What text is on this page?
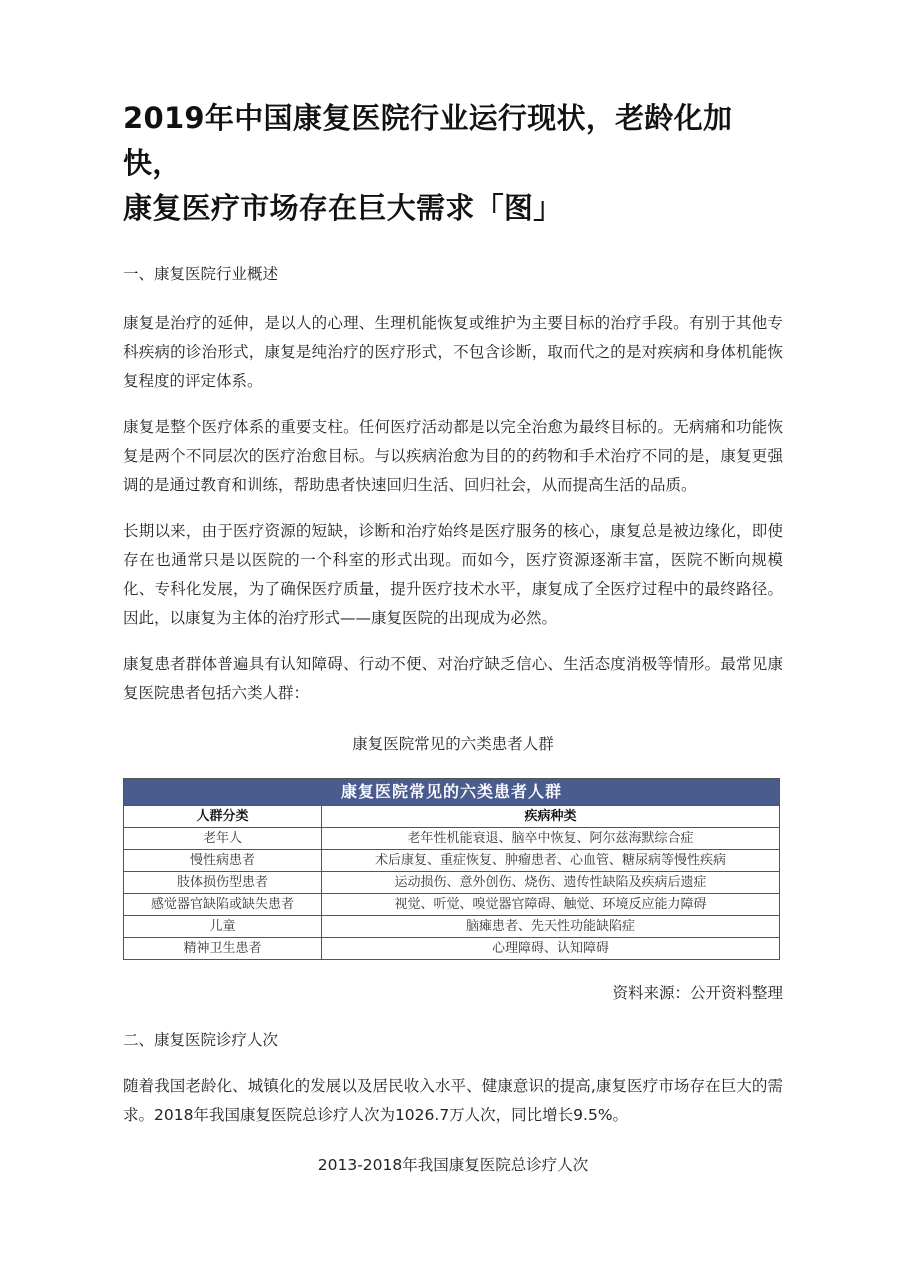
2019年中国康复医院行业运行现状，老龄化加快，
康复医疗市场存在巨大需求「图」

一、康复医院行业概述

康复是治疗的延伸，是以人的心理、生理机能恢复或维护为主要目标的治疗手段。有别于其他专科疾病的诊治形式，康复是纯治疗的医疗形式，不包含诊断，取而代之的是对疾病和身体机能恢复程度的评定体系。

康复是整个医疗体系的重要支柱。任何医疗活动都是以完全治愈为最终目标的。无病痛和功能恢复是两个不同层次的医疗治愈目标。与以疾病治愈为目的的药物和手术治疗不同的是，康复更强调的是通过教育和训练，帮助患者快速回归生活、回归社会，从而提高生活的品质。

长期以来，由于医疗资源的短缺，诊断和治疗始终是医疗服务的核心，康复总是被边缘化，即使存在也通常只是以医院的一个科室的形式出现。而如今，医疗资源逐渐丰富，医院不断向规模化、专科化发展，为了确保医疗质量，提升医疗技术水平，康复成了全医疗过程中的最终路径。因此，以康复为主体的治疗形式——康复医院的出现成为必然。

康复患者群体普遍具有认知障碍、行动不便、对治疗缺乏信心、生活态度消极等情形。最常见康复医院患者包括六类人群：

康复医院常见的六类患者人群

康复医院常见的六类患者人群	
人群分类	疾病种类
老年人	老年性机能衰退、脑卒中恢复、阿尔兹海默综合症
慢性病患者	术后康复、重症恢复、肿瘤患者、心血管、糖尿病等慢性疾病
肢体损伤型患者	运动损伤、意外创伤、烧伤、遗传性缺陷及疾病后遗症
感觉器官缺陷或缺失患者	视觉、听觉、嗅觉器官障碍、触觉、环境反应能力障碍
儿童	脑瘫患者、先天性功能缺陷症
精神卫生患者	心理障碍、认知障碍

资料来源：公开资料整理

二、康复医院诊疗人次

随着我国老龄化、城镇化的发展以及居民收入水平、健康意识的提高,康复医疗市场存在巨大的需求。2018年我国康复医院总诊疗人次为1026.7万人次，同比增长9.5%。

2013-2018年我国康复医院总诊疗人次
